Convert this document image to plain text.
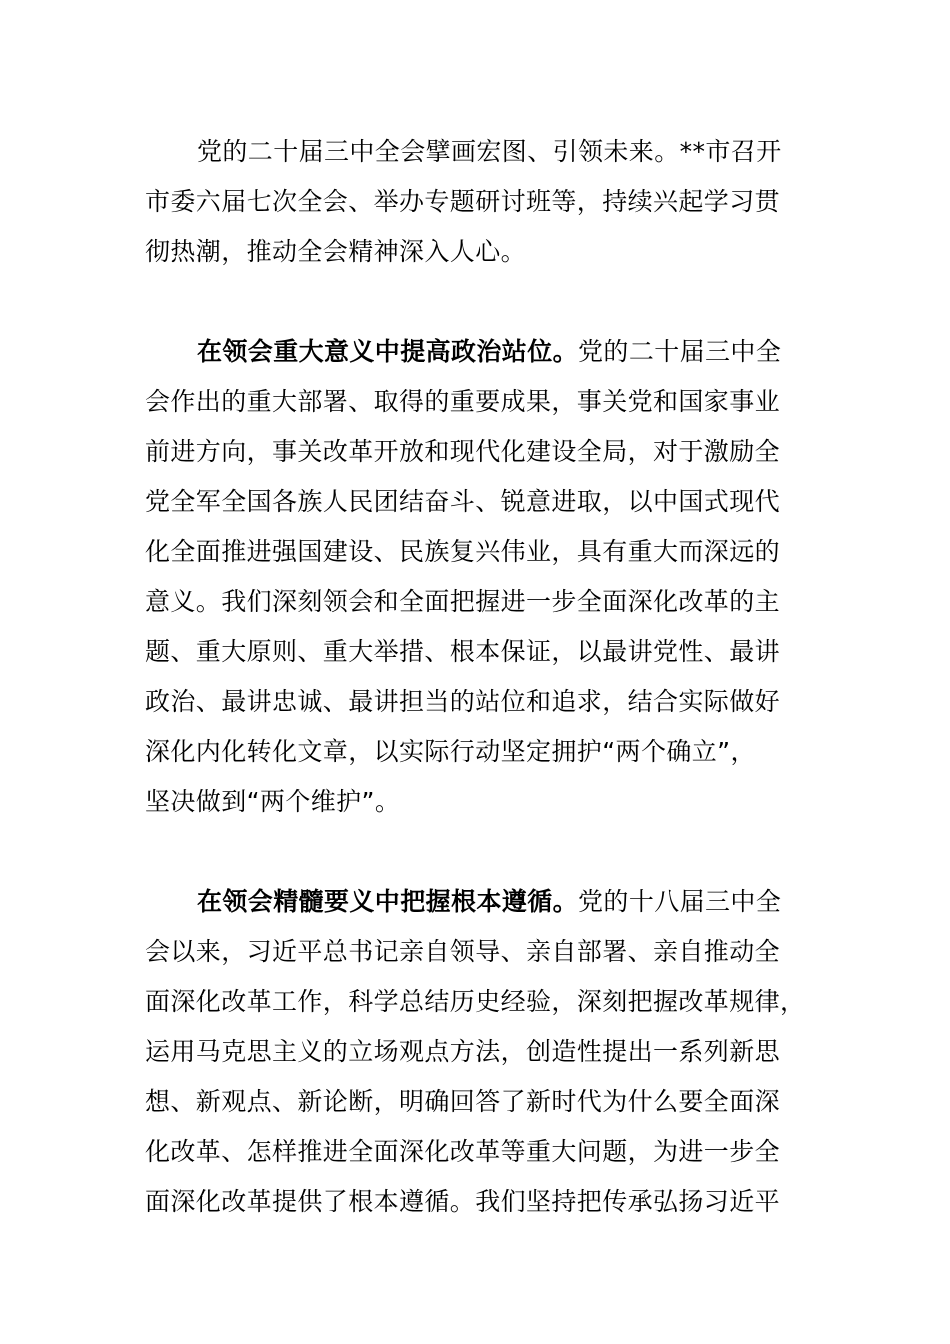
党的二十届三中全会擘画宏图、引领未来。**市召开
市委六届七次全会、举办专题研讨班等，持续兴起学习贯
彻热潮，推动全会精神深入人心。

在领会重大意义中提高政治站位。党的二十届三中全
会作出的重大部署、取得的重要成果，事关党和国家事业
前进方向，事关改革开放和现代化建设全局，对于激励全
党全军全国各族人民团结奋斗、锐意进取，以中国式现代
化全面推进强国建设、民族复兴伟业，具有重大而深远的
意义。我们深刻领会和全面把握进一步全面深化改革的主
题、重大原则、重大举措、根本保证，以最讲党性、最讲
政治、最讲忠诚、最讲担当的站位和追求，结合实际做好
深化内化转化文章，以实际行动坚定拥护“两个确立”，
坚决做到“两个维护”。

在领会精髓要义中把握根本遵循。党的十八届三中全
会以来，习近平总书记亲自领导、亲自部署、亲自推动全
面深化改革工作，科学总结历史经验，深刻把握改革规律，
运用马克思主义的立场观点方法，创造性提出一系列新思
想、新观点、新论断，明确回答了新时代为什么要全面深
化改革、怎样推进全面深化改革等重大问题，为进一步全
面深化改革提供了根本遵循。我们坚持把传承弘扬习近平
